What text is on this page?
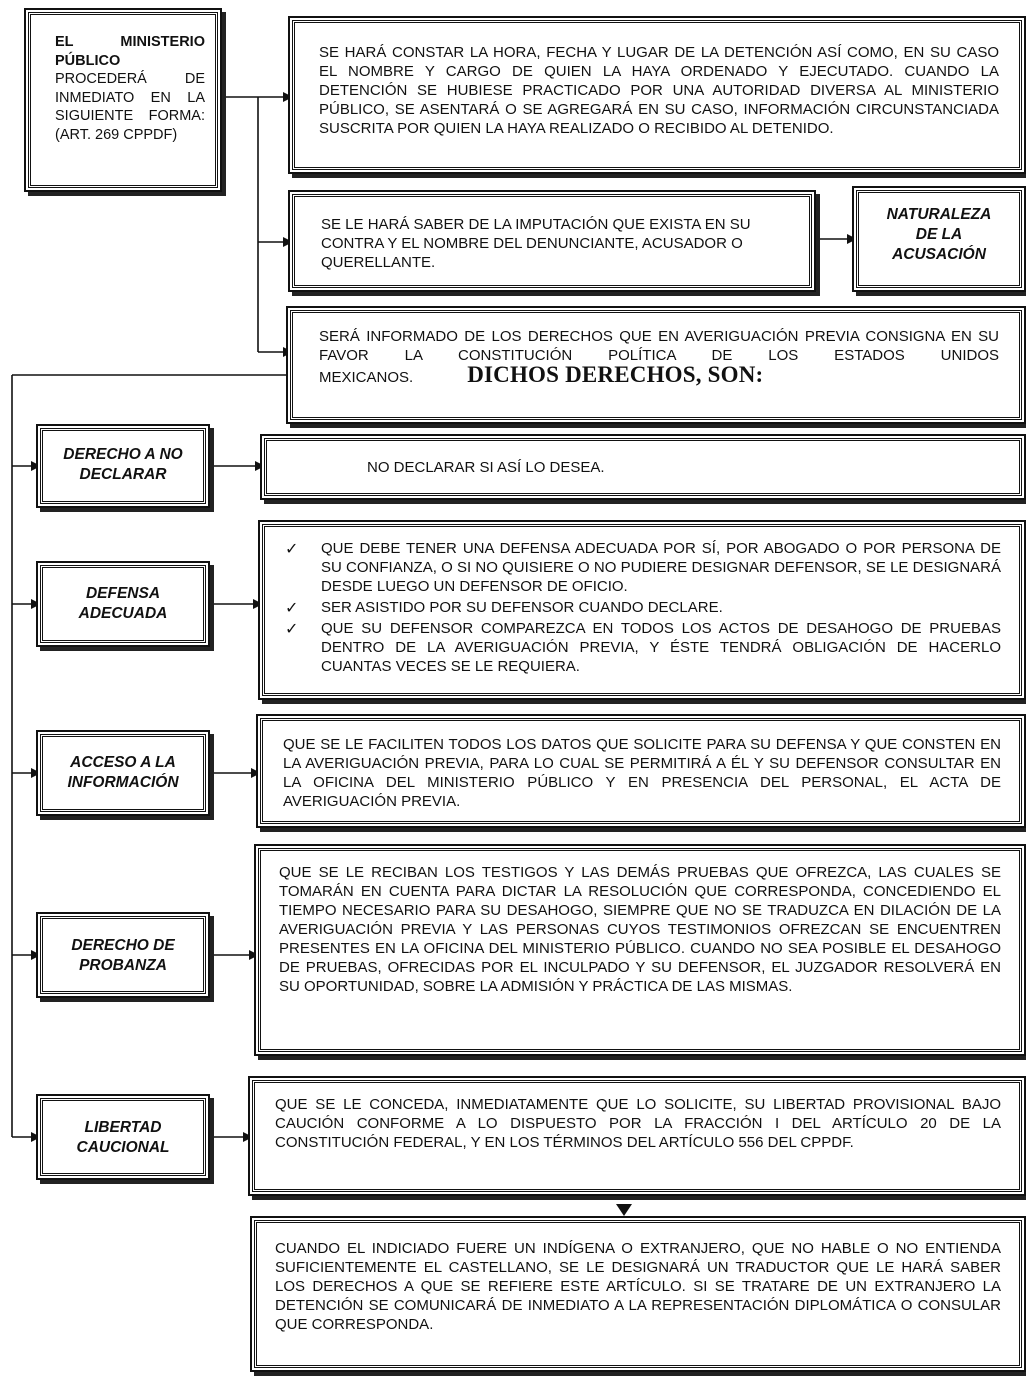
EL MINISTERIO PÚBLICO
PROCEDERÁ DE INMEDIATO EN LA SIGUIENTE FORMA: (ART. 269 CPPDF)
SE HARÁ CONSTAR LA HORA, FECHA Y LUGAR DE LA DETENCIÓN ASÍ COMO, EN SU CASO EL NOMBRE Y CARGO DE QUIEN LA HAYA ORDENADO Y EJECUTADO. CUANDO LA DETENCIÓN SE HUBIESE PRACTICADO POR UNA AUTORIDAD DIVERSA AL MINISTERIO PÚBLICO, SE ASENTARÁ O SE AGREGARÁ EN SU CASO, INFORMACIÓN CIRCUNSTANCIADA SUSCRITA POR QUIEN LA HAYA REALIZADO O RECIBIDO AL DETENIDO.
SE LE HARÁ SABER DE LA IMPUTACIÓN QUE EXISTA EN SU CONTRA Y EL NOMBRE DEL DENUNCIANTE, ACUSADOR O QUERELLANTE.
NATURALEZA DE LA ACUSACIÓN
SERÁ INFORMADO DE LOS DERECHOS QUE EN AVERIGUACIÓN PREVIA CONSIGNA EN SU FAVOR LA CONSTITUCIÓN POLÍTICA DE LOS ESTADOS UNIDOS MEXICANOS. DICHOS DERECHOS, SON:
DERECHO A NO DECLARAR	NO DECLARAR SI ASÍ LO DESEA.
DEFENSA ADECUADA
✓ QUE DEBE TENER UNA DEFENSA ADECUADA POR SÍ, POR ABOGADO O POR PERSONA DE SU CONFIANZA, O SI NO QUISIERE O NO PUDIERE DESIGNAR DEFENSOR, SE LE DESIGNARÁ DESDE LUEGO UN DEFENSOR DE OFICIO.
✓ SER ASISTIDO POR SU DEFENSOR CUANDO DECLARE.
✓ QUE SU DEFENSOR COMPAREZCA EN TODOS LOS ACTOS DE DESAHOGO DE PRUEBAS DENTRO DE LA AVERIGUACIÓN PREVIA, Y ÉSTE TENDRÁ OBLIGACIÓN DE HACERLO CUANTAS VECES SE LE REQUIERA.
ACCESO A LA INFORMACIÓN
QUE SE LE FACILITEN TODOS LOS DATOS QUE SOLICITE PARA SU DEFENSA Y QUE CONSTEN EN LA AVERIGUACIÓN PREVIA, PARA LO CUAL SE PERMITIRÁ A ÉL Y SU DEFENSOR CONSULTAR EN LA OFICINA DEL MINISTERIO PÚBLICO Y EN PRESENCIA DEL PERSONAL, EL ACTA DE AVERIGUACIÓN PREVIA.
DERECHO DE PROBANZA
QUE SE LE RECIBAN LOS TESTIGOS Y LAS DEMÁS PRUEBAS QUE OFREZCA, LAS CUALES SE TOMARÁN EN CUENTA PARA DICTAR LA RESOLUCIÓN QUE CORRESPONDA, CONCEDIENDO EL TIEMPO NECESARIO PARA SU DESAHOGO, SIEMPRE QUE NO SE TRADUZCA EN DILACIÓN DE LA AVERIGUACIÓN PREVIA Y LAS PERSONAS CUYOS TESTIMONIOS OFREZCAN SE ENCUENTREN PRESENTES EN LA OFICINA DEL MINISTERIO PÚBLICO. CUANDO NO SEA POSIBLE EL DESAHOGO DE PRUEBAS, OFRECIDAS POR EL INCULPADO Y SU DEFENSOR, EL JUZGADOR RESOLVERÁ EN SU OPORTUNIDAD, SOBRE LA ADMISIÓN Y PRÁCTICA DE LAS MISMAS.
LIBERTAD CAUCIONAL
QUE SE LE CONCEDA, INMEDIATAMENTE QUE LO SOLICITE, SU LIBERTAD PROVISIONAL BAJO CAUCIÓN CONFORME A LO DISPUESTO POR LA FRACCIÓN I DEL ARTÍCULO 20 DE LA CONSTITUCIÓN FEDERAL, Y EN LOS TÉRMINOS DEL ARTÍCULO 556 DEL CPPDF.
CUANDO EL INDICIADO FUERE UN INDÍGENA O EXTRANJERO, QUE NO HABLE O NO ENTIENDA SUFICIENTEMENTE EL CASTELLANO, SE LE DESIGNARÁ UN TRADUCTOR QUE LE HARÁ SABER LOS DERECHOS A QUE SE REFIERE ESTE ARTÍCULO. SI SE TRATARE DE UN EXTRANJERO LA DETENCIÓN SE COMUNICARÁ DE INMEDIATO A LA REPRESENTACIÓN DIPLOMÁTICA O CONSULAR QUE CORRESPONDA.
